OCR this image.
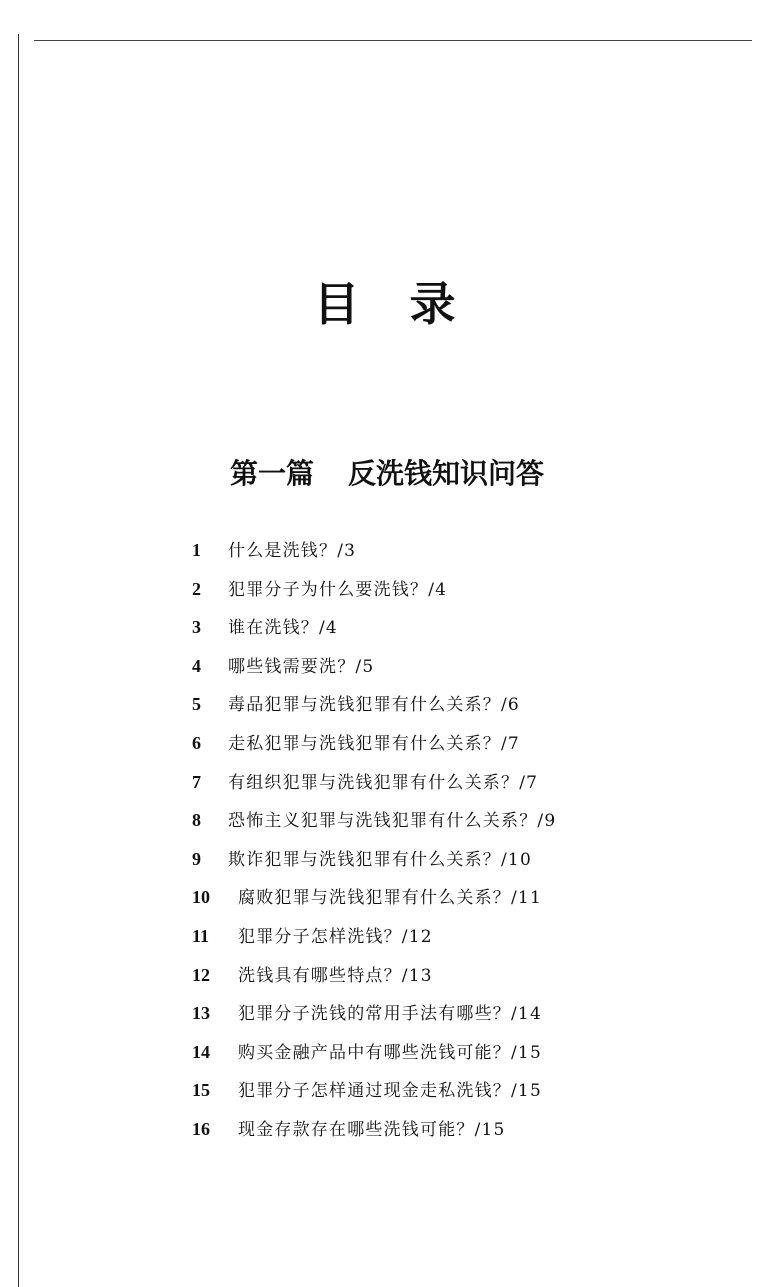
目录
第一篇 反洗钱知识问答
1	什么是洗钱？/3
2	犯罪分子为什么要洗钱？/4
3	谁在洗钱？/4
4	哪些钱需要洗？/5
5	毒品犯罪与洗钱犯罪有什么关系？/6
6	走私犯罪与洗钱犯罪有什么关系？/7
7	有组织犯罪与洗钱犯罪有什么关系？/7
8	恐怖主义犯罪与洗钱犯罪有什么关系？/9
9	欺诈犯罪与洗钱犯罪有什么关系？/10
10	腐败犯罪与洗钱犯罪有什么关系？/11
11	犯罪分子怎样洗钱？/12
12	洗钱具有哪些特点？/13
13	犯罪分子洗钱的常用手法有哪些？/14
14	购买金融产品中有哪些洗钱可能？/15
15	犯罪分子怎样通过现金走私洗钱？/15
16	现金存款存在哪些洗钱可能？/15
